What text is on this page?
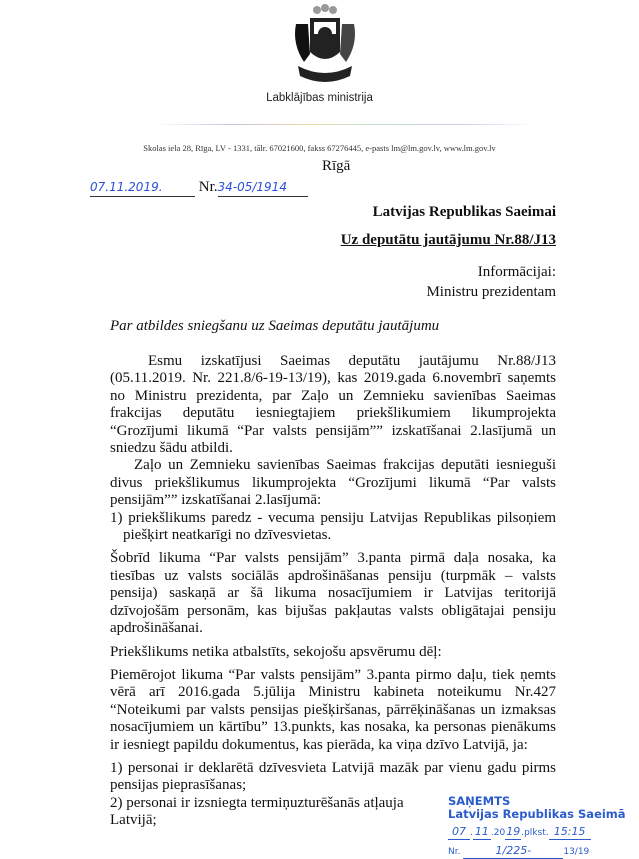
Labklājības ministrija
Skolas iela 28, Rīga, LV - 1331, tālr. 67021600, fakss 67276445, e-pasts lm@lm.gov.lv, www.lm.gov.lv
Rīgā
07.11.2019. Nr.34-05/1914
Latvijas Republikas Saeimai
Uz deputātu jautājumu Nr.88/J13
Informācijai:
Ministru prezidentam
Par atbildes sniegšanu uz Saeimas deputātu jautājumu

Esmu izskatījusi Saeimas deputātu jautājumu Nr.88/J13 (05.11.2019. Nr. 221.8/6-19-13/19), kas 2019.gada 6.novembrī saņemts no Ministru prezidenta, par Zaļo un Zemnieku savienības Saeimas frakcijas deputātu iesniegtajiem priekšlikumiem likumprojekta “Grozījumi likumā “Par valsts pensijām”” izskatīšanai 2.lasījumā un sniedzu šādu atbildi.

Zaļo un Zemnieku savienības Saeimas frakcijas deputāti iesnieguši divus priekšlikumus likumprojekta “Grozījumi likumā “Par valsts pensijām”” izskatīšanai 2.lasījumā:

1) priekšlikums paredz - vecuma pensiju Latvijas Republikas pilsoņiem piešķirt neatkarīgi no dzīvesvietas.

Šobrīd likuma “Par valsts pensijām” 3.panta pirmā daļa nosaka, ka tiesības uz valsts sociālās apdrošināšanas pensiju (turpmāk – valsts pensija) saskaņā ar šā likuma nosacījumiem ir Latvijas teritorijā dzīvojošām personām, kas bijušas pakļautas valsts obligātajai pensiju apdrošināšanai.

Priekšlikums netika atbalstīts, sekojošu apsvērumu dēļ:

Piemērojot likuma “Par valsts pensijām” 3.panta pirmo daļu, tiek ņemts vērā arī 2016.gada 5.jūlija Ministru kabineta noteikumu Nr.427 “Noteikumi par valsts pensijas piešķiršanas, pārrēķināšanas un izmaksas nosacījumiem un kārtību” 13.punkts, kas nosaka, ka personas pienākums ir iesniegt papildu dokumentus, kas pierāda, ka viņa dzīvo Latvijā, ja:

1) personai ir deklarētā dzīvesvieta Latvijā mazāk par vienu gadu pirms pensijas pieprasīšanas;

2) personai ir izsniegta termiņuzturēšanās atļauja Latvijā;

SAŅEMTS
Latvijas Republikas Saeimā
07 . 11 .2019.plkst. 15:15
Nr.	1/225-	13/19
